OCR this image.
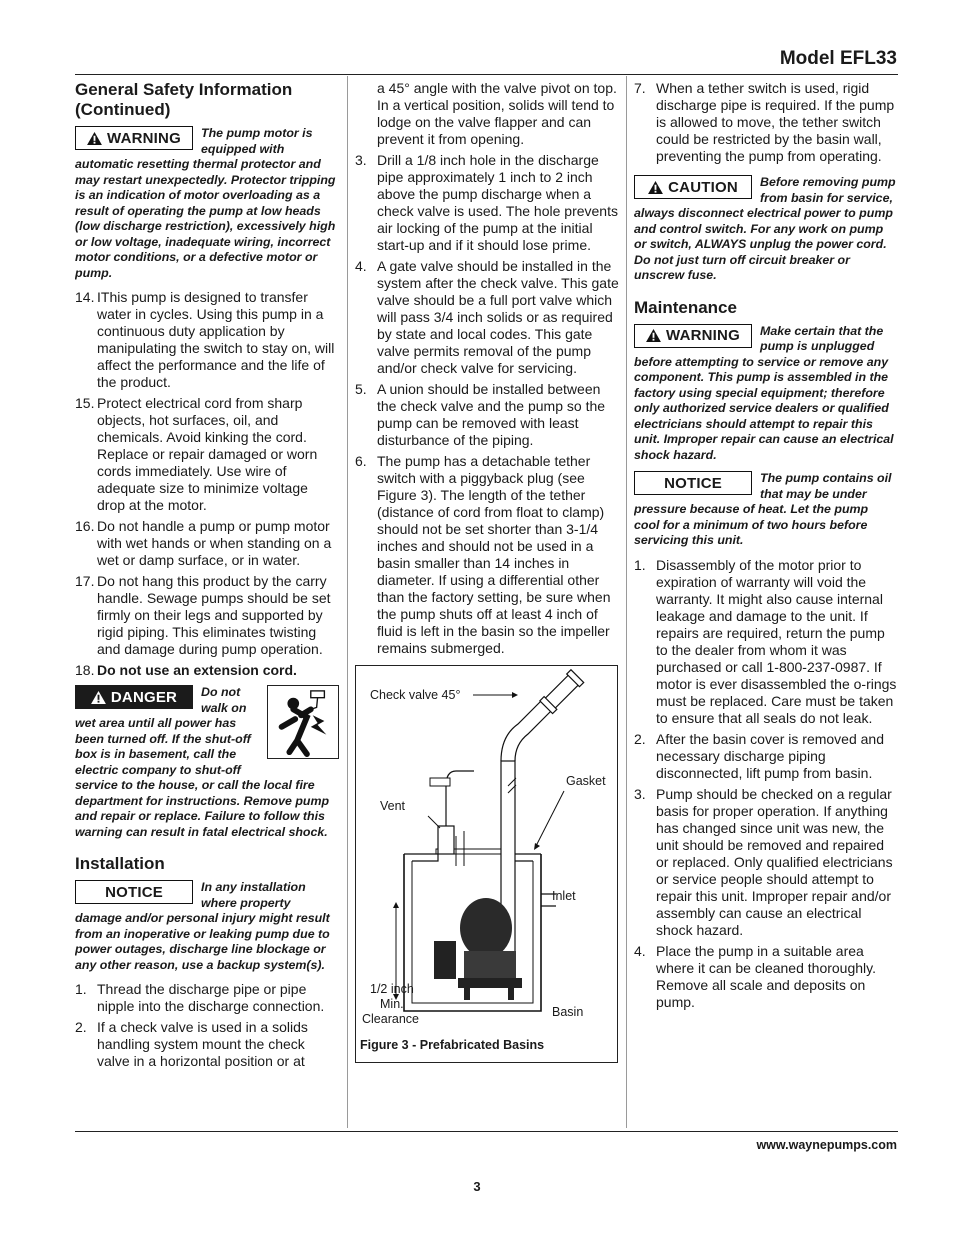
Model EFL33
www.waynepumps.com
3
General Safety Information (Continued)
WARNING The pump motor is equipped with automatic resetting thermal protector and may restart unexpectedly. Protector tripping is an indication of motor overloading as a result of operating the pump at low heads (low discharge restriction), excessively high or low voltage, inadequate wiring, incorrect motor conditions, or a defective motor or pump.
14. IThis pump is designed to transfer water in cycles. Using this pump in a continuous duty application by manipulating the switch to stay on, will affect the performance and the life of the product.
15. Protect electrical cord from sharp objects, hot surfaces, oil, and chemicals. Avoid kinking the cord. Replace or repair damaged or worn cords immediately. Use wire of adequate size to minimize voltage drop at the motor.
16. Do not handle a pump or pump motor with wet hands or when standing on a wet or damp surface, or in water.
17. Do not hang this product by the carry handle. Sewage pumps should be set firmly on their legs and supported by rigid piping. This eliminates twisting and damage during pump operation.
18. Do not use an extension cord.
DANGER Do not walk on wet area until all power has been turned off. If the shut-off box is in basement, call the electric company to shut-off service to the house, or call the local fire department for instructions. Remove pump and repair or replace. Failure to follow this warning can result in fatal electrical shock.
Installation
NOTICE	In any installation where property damage and/or personal injury might result from an inoperative or leaking pump due to power outages, discharge line blockage or any other reason, use a backup system(s).
1. Thread the discharge pipe or pipe nipple into the discharge connection.
2. If a check valve is used in a solids handling system mount the check valve in a horizontal position or at

a 45° angle with the valve pivot on top. In a vertical position, solids will tend to lodge on the valve flapper and can prevent it from opening.

3. Drill a 1/8 inch hole in the discharge pipe approximately 1 inch to 2 inch above the pump discharge when a check valve is used. The hole prevents air locking of the pump at the initial start-up and if it should lose prime.
4. A gate valve should be installed in the system after the check valve. This gate valve should be a full port valve which will pass 3/4 inch solids or as required by state and local codes. This gate valve permits removal of the pump and/or check valve for servicing.
5. A union should be installed between the check valve and the pump so the pump can be removed with least disturbance of the piping.
6. The pump has a detachable tether switch with a piggyback plug (see Figure 3). The length of the tether (distance of cord from float to clamp) should not be set shorter than 3-1/4 inches and should not be used in a basin smaller than 14 inches in diameter. If using a differential other than the factory setting, be sure when the pump shuts off at least 4 inch of fluid is left in the basin so the impeller remains submerged.
Check valve 45°
Gasket
Vent
Inlet
1/2 inch
Min.
Clearance	Basin
Figure 3 - Prefabricated Basins
7. When a tether switch is used, rigid discharge pipe is required. If the pump is allowed to move, the tether switch could be restricted by the basin wall, preventing the pump from operating.
CAUTION Before removing pump from basin for service, always disconnect electrical power to pump and control switch. For any work on pump or switch, ALWAYS unplug the power cord. Do not just turn off circuit breaker or unscrew fuse.
Maintenance
WARNING Make certain that the pump is unplugged before attempting to service or remove any component. This pump is assembled in the factory using special equipment; therefore only authorized service dealers or qualified electricians should attempt to repair this unit. Improper repair can cause an electrical shock hazard.
NOTICE	The pump contains oil that may be under pressure because of heat. Let the pump cool for a minimum of two hours before servicing this unit.
1. Disassembly of the motor prior to expiration of warranty will void the warranty. It might also cause internal leakage and damage to the unit. If repairs are required, return the pump to the dealer from whom it was purchased or call 1-800-237-0987. If motor is ever disassembled the o-rings must be replaced. Care must be taken to ensure that all seals do not leak.
2. After the basin cover is removed and necessary discharge piping disconnected, lift pump from basin.
3. Pump should be checked on a regular basis for proper operation. If anything has changed since unit was new, the unit should be removed and repaired or replaced. Only qualified electricians or service people should attempt to repair this unit. Improper repair and/or assembly can cause an electrical shock hazard.
4. Place the pump in a suitable area where it can be cleaned thoroughly. Remove all scale and deposits on pump.
